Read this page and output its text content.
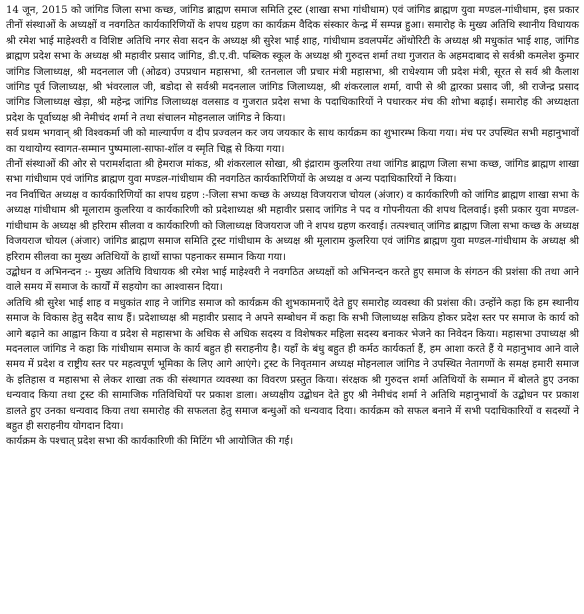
14 जून, 2015 को जांगिड जिला सभा कच्छ, जांगिड ब्राह्मण समाज समिति ट्रस्ट (शाखा सभा गांधीधाम) एवं जांगिड ब्राह्मण युवा मण्डल-गांधीधाम, इस प्रकार तीनों संस्थाओं के अध्यक्षों व नवगठित कार्यकारिणियों के शपथ ग्रहण का कार्यक्रम वैदिक संस्कार केन्द्र में सम्पन्न हुआ। समारोह के मुख्य अतिथि स्थानीय विधायक श्री रमेश भाई माहेश्वरी व विशिष्ट अतिथि नगर सेवा सदन के अध्यक्ष श्री सुरेश भाई शाह, गांधीधाम डवलपमेंट ऑथोरिटी के अध्यक्ष श्री मधुकांत भाई शाह, जांगिड ब्राह्मण प्रदेश सभा के अध्यक्ष श्री महावीर प्रसाद जांगिड, डी.ए.वी. पब्लिक स्कूल के अध्यक्ष श्री गुरुदत्त शर्मा तथा गुजरात के अहमदाबाद से सर्वश्री कमलेश कुमार जांगिड जिलाध्यक्ष, श्री मदनलाल जी (ओढव) उपप्रधान महासभा, श्री रतनलाल जी प्रचार मंत्री महासभा, श्री राधेश्याम जी प्रदेश मंत्री, सूरत से सर्व श्री कैलाश जांगिड पूर्व जिलाध्यक्ष, श्री भंवरलाल जी, बडोदा से सर्वश्री मदनलाल जांगिड जिलाध्यक्ष, श्री शंकरलाल शर्मा, वापी से श्री द्वारका प्रसाद जी, श्री राजेन्द्र प्रसाद जांगिड जिलाध्यक्ष खेड़ा, श्री महेन्द्र जांगिड जिलाध्यक्ष वलसाड व गुजरात प्रदेश सभा के पदाधिकारियों ने पधारकर मंच की शोभा बढ़ाई। समारोह की अध्यक्षता प्रदेश के पूर्वाध्यक्ष श्री नेमीचंद शर्मा ने तथा संचालन मोहनलाल जांगिड ने किया।

सर्व प्रथम भगवान् श्री विश्वकर्मा जी को माल्यार्पण व दीप प्रज्वलन कर जय जयकार के साथ कार्यक्रम का शुभारम्भ किया गया। मंच पर उपस्थित सभी महानुभावों का यथायोग्य स्वागत-सम्मान पुष्पमाला-साफा-शॉल व स्मृति चिह्न से किया गया।

तीनों संस्थाओं की ओर से परामर्शदाता श्री हेमराज मांकड, श्री शंकरलाल सोखा, श्री इंद्राराम कुलरिया तथा जांगिड ब्राह्मण जिला सभा कच्छ, जांगिड ब्राह्मण शाखा सभा गांधीधाम एवं जांगिड ब्राह्मण युवा मण्डल-गांधीधाम की नवगठित कार्यकारिणियों के अध्यक्ष व अन्य पदाधिकारियों ने किया।

नव निर्वाचित अध्यक्ष व कार्यकारिणियों का शपथ ग्रहण :-जिला सभा कच्छ के अध्यक्ष विजयराज चोयल (अंजार) व कार्यकारिणी को जांगिड ब्राह्मण शाखा सभा के अध्यक्ष गांधीधाम श्री मूलाराम कुलरिया व कार्यकारिणी को प्रदेशाध्यक्ष श्री महावीर प्रसाद जांगिड ने पद व गोपनीयता की शपथ दिलवाई। इसी प्रकार युवा मण्डल-गांधीधाम के अध्यक्ष श्री हरिराम सीलवा व कार्यकारिणी को जिलाध्यक्ष विजयराज जी ने शपथ ग्रहण करवाई। तत्पश्चात् जांगिड ब्राह्मण जिला सभा कच्छ के अध्यक्ष विजयराज चोयल (अंजार) जांगिड ब्राह्मण समाज समिति ट्रस्ट गांधीधाम के अध्यक्ष श्री मूलाराम कुलरिया एवं जांगिड ब्राह्मण युवा मण्डल-गांधीधाम के अध्यक्ष श्री हरिराम सीलवा का मुख्य अतिथियों के हाथों साफा पहनाकर सम्मान किया गया।

उद्बोधन व अभिनन्दन :- मुख्य अतिथि विधायक श्री रमेश भाई माहेश्वरी ने नवगठित अध्यक्षों को अभिनन्दन करते हुए समाज के संगठन की प्रशंसा की तथा आने वाले समय में समाज के कार्यों में सहयोग का आश्वासन दिया।

अतिथि श्री सुरेश भाई शाह व मधुकांत शाह ने जांगिड समाज को कार्यक्रम की शुभकामनाएँ देते हुए समारोह व्यवस्था की प्रशंसा की। उन्होंने कहा कि हम स्थानीय समाज के विकास हेतु सदैव साथ हैं। प्रदेशाध्यक्ष श्री महावीर प्रसाद ने अपने सम्बोधन में कहा कि सभी जिलाध्यक्ष सक्रिय होकर प्रदेश स्तर पर समाज के कार्य को आगे बढ़ाने का आह्वान किया व प्रदेश से महासभा के अधिक से अधिक सदस्य व विशेषकर महिला सदस्य बनाकर भेजने का निवेदन किया। महासभा उपाध्यक्ष श्री मदनलाल जांगिड ने कहा कि गांधीधाम समाज के कार्य बहुत ही सराहनीय है। यहाँ के बंधु बहुत ही कर्मठ कार्यकर्ता हैं, हम आशा करते हैं ये महानुभाव आने वाले समय में प्रदेश व राष्ट्रीय स्तर पर महत्वपूर्ण भूमिका के लिए आगे आएंगे। ट्रस्ट के निवृतमान अध्यक्ष मोहनलाल जांगिड ने उपस्थित नेतागणों के समक्ष हमारी समाज के इतिहास व महासभा से लेकर शाखा तक की संस्थागत व्यवस्था का विवरण प्रस्तुत किया। संरक्षक श्री गुरुदत्त शर्मा अतिथियों के सम्मान में बोलते हुए उनका धन्यवाद किया तथा ट्रस्ट की सामाजिक गतिविधियों पर प्रकाश डाला। अध्यक्षीय उद्बोधन देते हुए श्री नेमीचंद शर्मा ने अतिथि महानुभावों के उद्बोधन पर प्रकाश डालते हुए उनका धन्यवाद किया तथा समारोह की सफलता हेतु समाज बन्धुओं को धन्यवाद दिया। कार्यक्रम को सफल बनाने में सभी पदाधिकारियों व सदस्यों ने बहुत ही सराहनीय योगदान दिया।

कार्यक्रम के पश्चात् प्रदेश सभा की कार्यकारिणी की मिटिंग भी आयोजित की गई।
